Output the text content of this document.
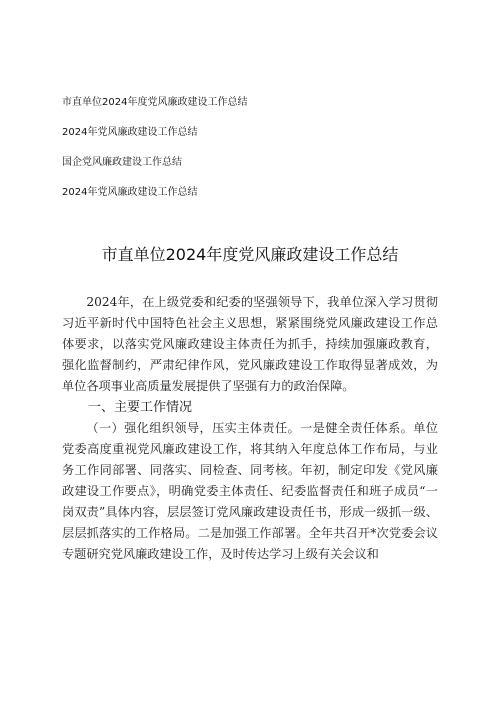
市直单位2024年度党风廉政建设工作总结
2024年党风廉政建设工作总结
国企党风廉政建设工作总结
2024年党风廉政建设工作总结
市直单位2024年度党风廉政建设工作总结

2024年，在上级党委和纪委的坚强领导下，我单位深入学习贯彻习近平新时代中国特色社会主义思想，紧紧围绕党风廉政建设工作总体要求，以落实党风廉政建设主体责任为抓手，持续加强廉政教育，强化监督制约，严肃纪律作风，党风廉政建设工作取得显著成效，为单位各项事业高质量发展提供了坚强有力的政治保障。

一、主要工作情况

（一）强化组织领导，压实主体责任。一是健全责任体系。单位党委高度重视党风廉政建设工作，将其纳入年度总体工作布局，与业务工作同部署、同落实、同检查、同考核。年初，制定印发《党风廉政建设工作要点》，明确党委主体责任、纪委监督责任和班子成员“一岗双责”具体内容，层层签订党风廉政建设责任书，形成一级抓一级、层层抓落实的工作格局。二是加强工作部署。全年共召开*次党委会议专题研究党风廉政建设工作，及时传达学习上级有关会议和
